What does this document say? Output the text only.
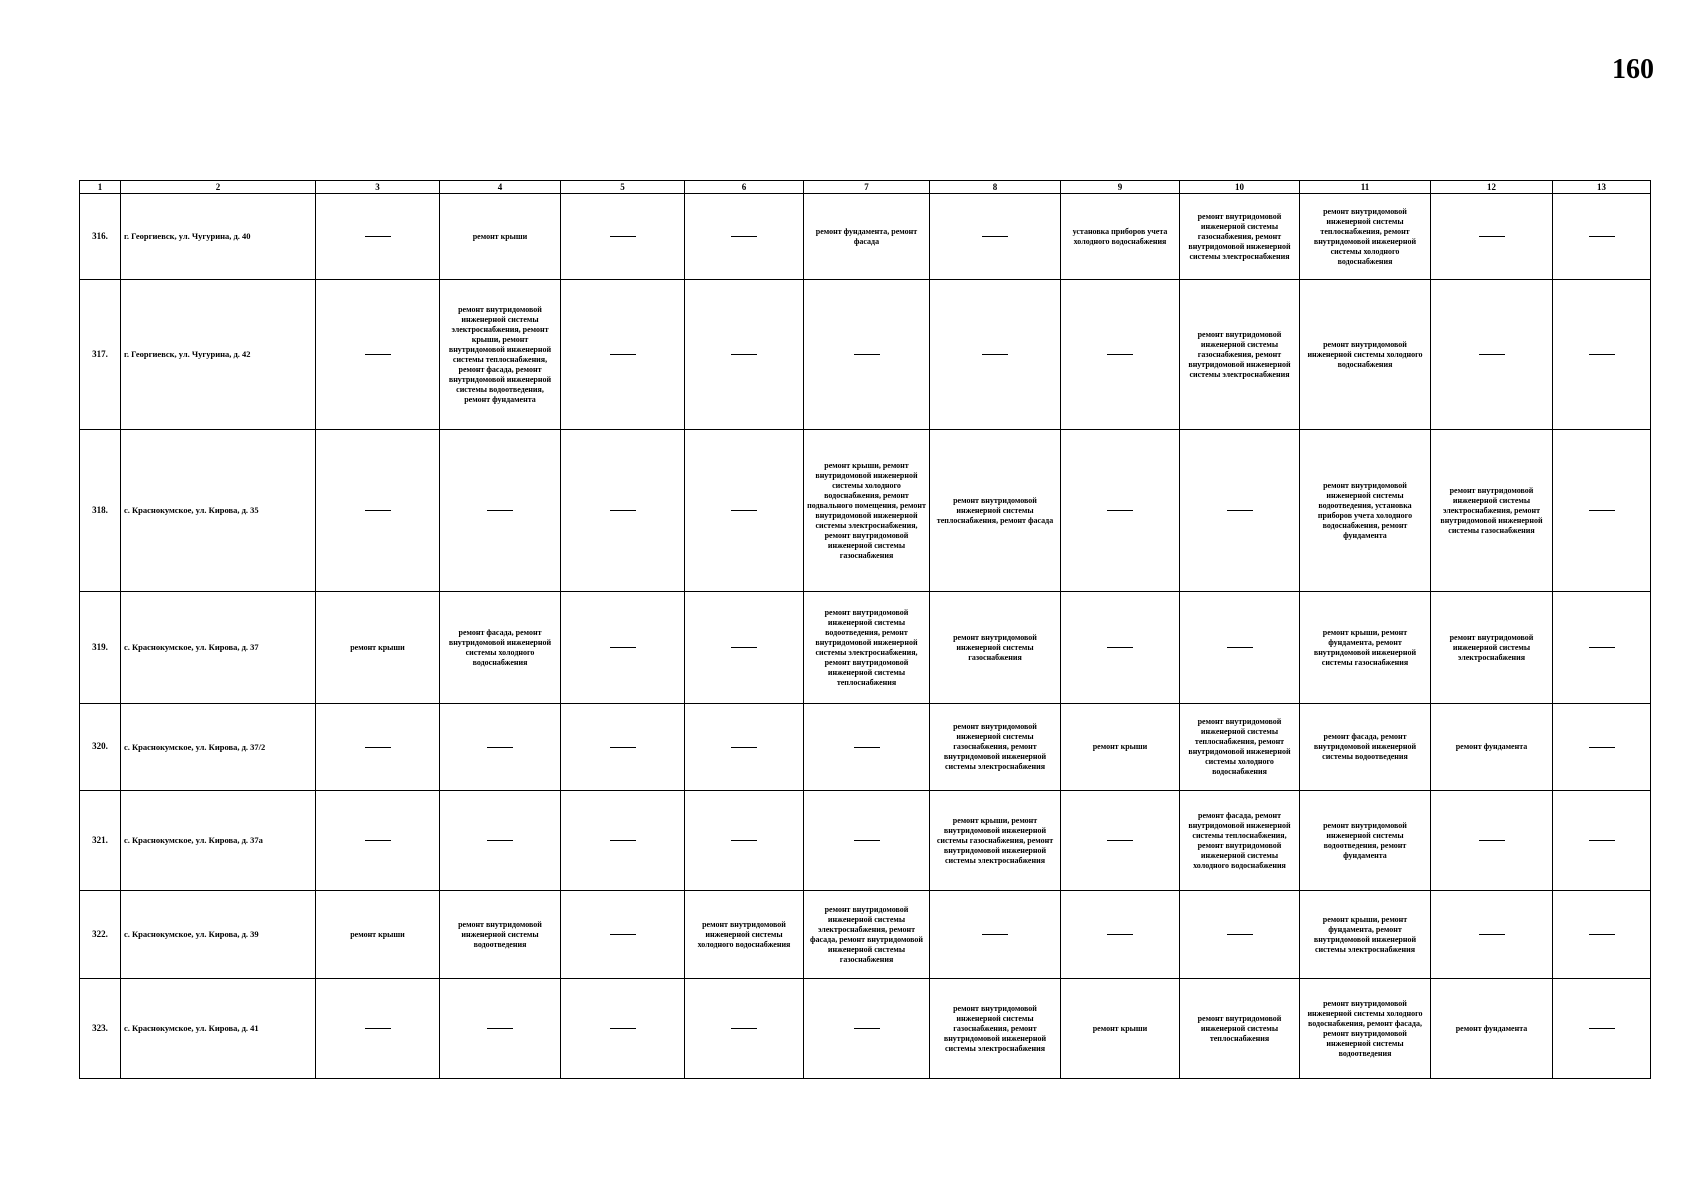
160
1	2	3	4	5	6	7	8	9	10	11	12	13
316.	г. Георгиевск, ул. Чугурина, д. 40		ремонт крыши			ремонт фундамента, ремонт фасада		установка приборов учета холодного водоснабжения	ремонт внутридомовой инженерной системы газоснабжения, ремонт внутридомовой инженерной системы электроснабжения	ремонт внутридомовой инженерной системы теплоснабжения, ремонт внутридомовой инженерной системы холодного водоснабжения		
317.	г. Георгиевск, ул. Чугурина, д. 42		ремонт внутридомовой инженерной системы электроснабжения, ремонт крыши, ремонт внутридомовой инженерной системы теплоснабжения, ремонт фасада, ремонт внутридомовой инженерной системы водоотведения, ремонт фундамента						ремонт внутридомовой инженерной системы газоснабжения, ремонт внутридомовой инженерной системы электроснабжения	ремонт внутридомовой инженерной системы холодного водоснабжения		
318.	с. Краснокумское, ул. Кирова, д. 35					ремонт крыши, ремонт внутридомовой инженерной системы холодного водоснабжения, ремонт подвального помещения, ремонт внутридомовой инженерной системы электроснабжения, ремонт внутридомовой инженерной системы газоснабжения	ремонт внутридомовой инженерной системы теплоснабжения, ремонт фасада			ремонт внутридомовой инженерной системы водоотведения, установка приборов учета холодного водоснабжения, ремонт фундамента	ремонт внутридомовой инженерной системы электроснабжения, ремонт внутридомовой инженерной системы газоснабжения	
319.	с. Краснокумское, ул. Кирова, д. 37	ремонт крыши	ремонт фасада, ремонт внутридомовой инженерной системы холодного водоснабжения			ремонт внутридомовой инженерной системы водоотведения, ремонт внутридомовой инженерной системы электроснабжения, ремонт внутридомовой инженерной системы теплоснабжения	ремонт внутридомовой инженерной системы газоснабжения			ремонт крыши, ремонт фундамента, ремонт внутридомовой инженерной системы газоснабжения	ремонт внутридомовой инженерной системы электроснабжения	
320.	с. Краснокумское, ул. Кирова, д. 37/2						ремонт внутридомовой инженерной системы газоснабжения, ремонт внутридомовой инженерной системы электроснабжения	ремонт крыши	ремонт внутридомовой инженерной системы теплоснабжения, ремонт внутридомовой инженерной системы холодного водоснабжения	ремонт фасада, ремонт внутридомовой инженерной системы водоотведения	ремонт фундамента	
321.	с. Краснокумское, ул. Кирова, д. 37а						ремонт крыши, ремонт внутридомовой инженерной системы газоснабжения, ремонт внутридомовой инженерной системы электроснабжения		ремонт фасада, ремонт внутридомовой инженерной системы теплоснабжения, ремонт внутридомовой инженерной системы холодного водоснабжения	ремонт внутридомовой инженерной системы водоотведения, ремонт фундамента		
322.	с. Краснокумское, ул. Кирова, д. 39	ремонт крыши	ремонт внутридомовой инженерной системы водоотведения		ремонт внутридомовой инженерной системы холодного водоснабжения	ремонт внутридомовой инженерной системы электроснабжения, ремонт фасада, ремонт внутридомовой инженерной системы газоснабжения				ремонт крыши, ремонт фундамента, ремонт внутридомовой инженерной системы электроснабжения		
323.	с. Краснокумское, ул. Кирова, д. 41						ремонт внутридомовой инженерной системы газоснабжения, ремонт внутридомовой инженерной системы электроснабжения	ремонт крыши	ремонт внутридомовой инженерной системы теплоснабжения	ремонт внутридомовой инженерной системы холодного водоснабжения, ремонт фасада, ремонт внутридомовой инженерной системы водоотведения	ремонт фундамента	
